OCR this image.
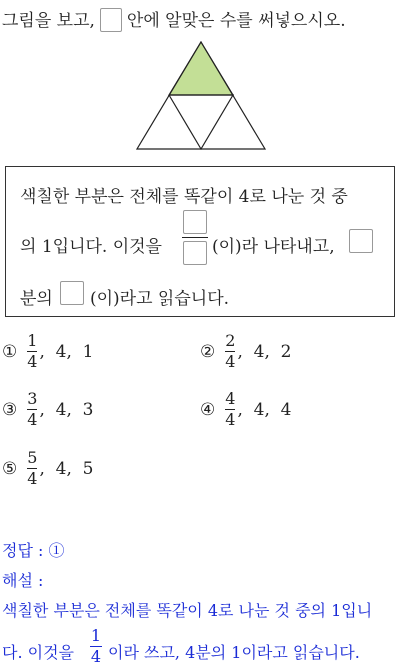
그림을 보고, 안에 알맞은 수를 써넣으시오.
색칠한 부분은 전체를 똑같이 4로 나눈 것 중
의 1입니다. 이것을	(이)라 나타내고,
분의 (이)라고 읽습니다.
① $\frac{1}{4}$ ,  4,  1	② $\frac{2}{4}$ ,  4,  2
③ $\frac{3}{4}$ ,  4,  3	④ $\frac{4}{4}$ ,  4,  4
⑤ $\frac{5}{4}$ ,  4,  5
정답 : ①
해설 :
색칠한 부분은 전체를 똑같이 4로 나눈 것 중의 1입니
다. 이것을
1
4 이라 쓰고, 4분의 1이라고 읽습니다.
